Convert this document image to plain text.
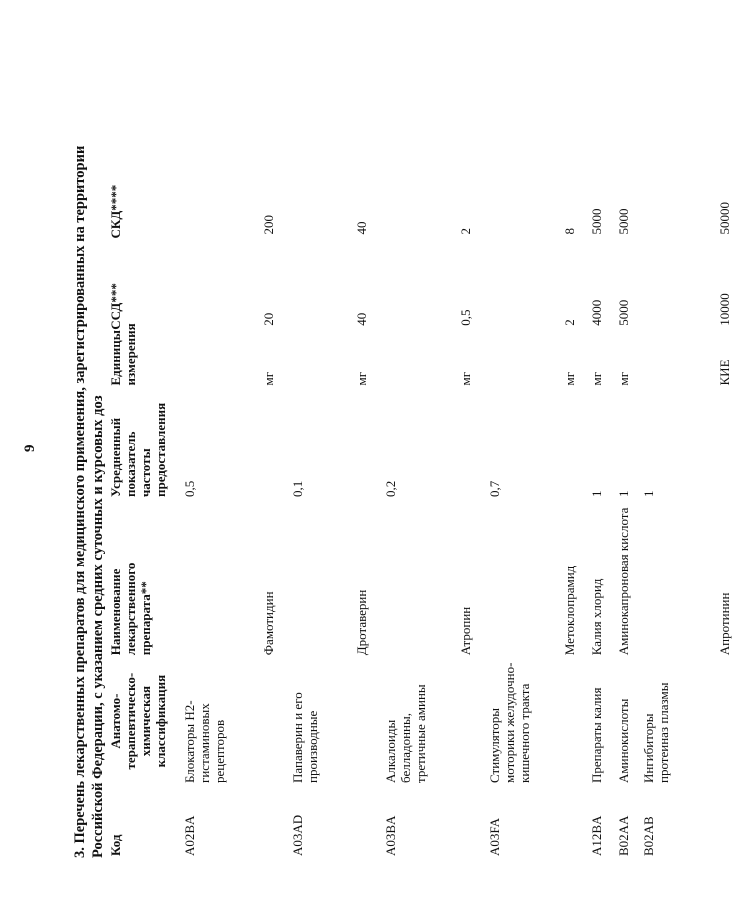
9 3. Перечень лекарственных препаратов для медицинского применения, зарегистрированных на территории Российской Федерации, с указанием средних суточных и курсовых доз Код	Анатомо-терапевтическо-химическая классификация	Наименование лекарственного препарата**	Усредненный показатель частоты предоставления	Единицы измерения	ССД***	СКД****
A02BA	Блокаторы Н2-гистаминовых рецепторов		0,5			
		Фамотидин		мг	20	200
A03AD	Папаверин и его производные		0,1			
		Дротаверин		мг	40	40
A03BA	Алкалоиды белладонны, третичные амины		0,2			
		Атропин		мг	0,5	2
A03FA	Стимуляторы моторики желудочно-кишечного тракта		0,7			
		Метоклопрамид		мг	2	8
A12BA	Препараты калия	Калия хлорид	1	мг	4000	5000
B02AA	Аминокислоты	Аминокапроновая кислота	1	мг	5000	5000
B02AB	Ингибиторы протеиназ плазмы		1			
		Апротинин		КИЕ	10000	50000
